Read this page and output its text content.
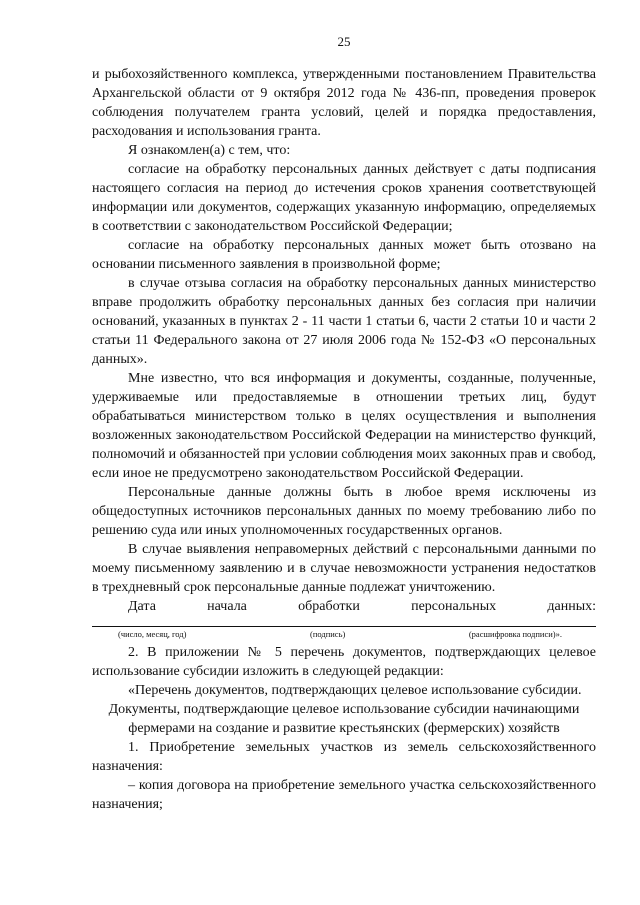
25

и рыбохозяйственного комплекса, утвержденными постановлением Правительства Архангельской области от 9 октября 2012 года № 436-пп, проведения проверок соблюдения получателем гранта условий, целей и порядка предоставления, расходования и использования гранта.

Я ознакомлен(а) с тем, что:

согласие на обработку персональных данных действует с даты подписания настоящего согласия на период до истечения сроков хранения соответствующей информации или документов, содержащих указанную информацию, определяемых в соответствии с законодательством Российской Федерации;

согласие на обработку персональных данных может быть отозвано на основании письменного заявления в произвольной форме;

в случае отзыва согласия на обработку персональных данных министерство вправе продолжить обработку персональных данных без согласия при наличии оснований, указанных в пунктах 2 - 11 части 1 статьи 6, части 2 статьи 10 и части 2 статьи 11 Федерального закона от 27 июля 2006 года № 152-ФЗ «О персональных данных».

Мне известно, что вся информация и документы, созданные, полученные, удерживаемые или предоставляемые в отношении третьих лиц, будут обрабатываться министерством только в целях осуществления и выполнения возложенных законодательством Российской Федерации на министерство функций, полномочий и обязанностей при условии соблюдения моих законных прав и свобод, если иное не предусмотрено законодательством Российской Федерации.

Персональные данные должны быть в любое время исключены из общедоступных источников персональных данных по моему требованию либо по решению суда или иных уполномоченных государственных органов.

В случае выявления неправомерных действий с персональными данными по моему письменному заявлению и в случае невозможности устранения недостатков в трехдневный срок персональные данные подлежат уничтожению.

Дата начала обработки персональных данных:

(число, месяц, год)	(подпись)	(расшифровка подписи)».

2. В приложении № 5 перечень документов, подтверждающих целевое использование субсидии изложить в следующей редакции:

«Перечень документов, подтверждающих целевое использование субсидии.

Документы, подтверждающие целевое использование субсидии начинающими фермерами на создание и развитие крестьянских (фермерских) хозяйств

1. Приобретение земельных участков из земель сельскохозяйственного назначения:

– копия договора на приобретение земельного участка сельскохозяйственного назначения;
